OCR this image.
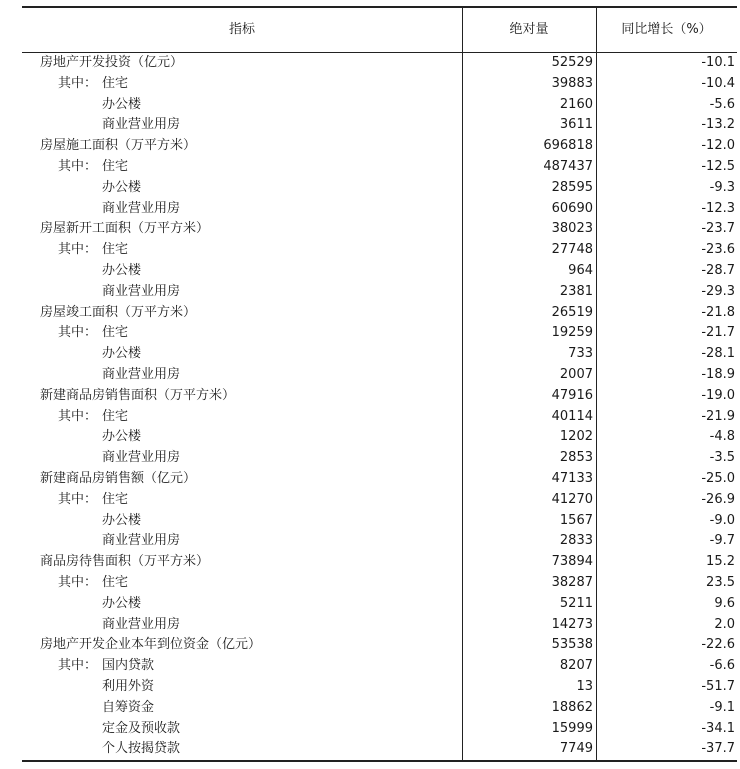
指标	绝对量	同比增长（%）
房地产开发投资（亿元）	52529	-10.1
其中： 住宅	39883	-10.4
办公楼	2160	-5.6
商业营业用房	3611	-13.2
房屋施工面积（万平方米）	696818	-12.0
其中： 住宅	487437	-12.5
办公楼	28595	-9.3
商业营业用房	60690	-12.3
房屋新开工面积（万平方米）	38023	-23.7
其中： 住宅	27748	-23.6
办公楼	964	-28.7
商业营业用房	2381	-29.3
房屋竣工面积（万平方米）	26519	-21.8
其中： 住宅	19259	-21.7
办公楼	733	-28.1
商业营业用房	2007	-18.9
新建商品房销售面积（万平方米）	47916	-19.0
其中： 住宅	40114	-21.9
办公楼	1202	-4.8
商业营业用房	2853	-3.5
新建商品房销售额（亿元）	47133	-25.0
其中： 住宅	41270	-26.9
办公楼	1567	-9.0
商业营业用房	2833	-9.7
商品房待售面积（万平方米）	73894	15.2
其中： 住宅	38287	23.5
办公楼	5211	9.6
商业营业用房	14273	2.0
房地产开发企业本年到位资金（亿元）	53538	-22.6
其中： 国内贷款	8207	-6.6
利用外资	13	-51.7
自筹资金	18862	-9.1
定金及预收款	15999	-34.1
个人按揭贷款	7749	-37.7
